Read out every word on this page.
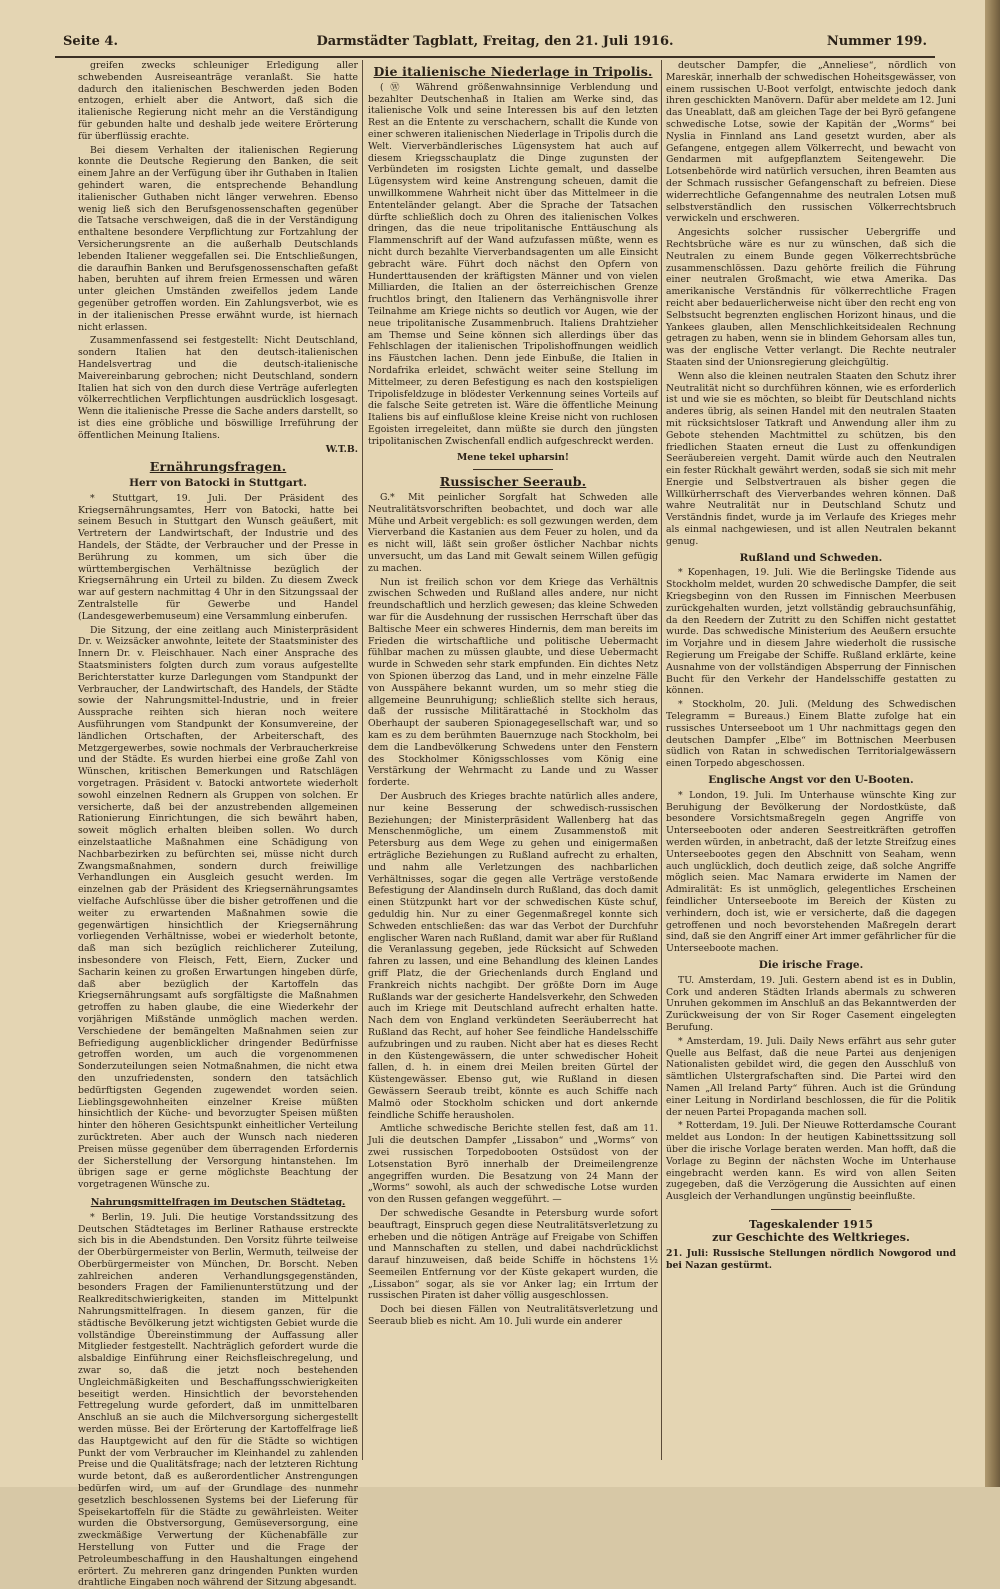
Seite 4.	Darmstädter Tagblatt, Freitag, den 21. Juli 1916.	Nummer 199.

greifen zwecks schleuniger Erledigung aller schwebenden Ausreiseanträge veranlaßt. Sie hatte dadurch den italienischen Beschwerden jeden Boden entzogen, erhielt aber die Antwort, daß sich die italienische Regierung nicht mehr an die Verständigung für gebunden halte und deshalb jede weitere Erörterung für überflüssig erachte.

Bei diesem Verhalten der italienischen Regierung konnte die Deutsche Regierung den Banken, die seit einem Jahre an der Verfügung über ihr Guthaben in Italien gehindert waren, die entsprechende Behandlung italienischer Guthaben nicht länger verwehren. Ebenso wenig ließ sich den Berufsgenossenschaften gegenüber die Tatsache verschweigen, daß die in der Verständigung enthaltene besondere Verpflichtung zur Fortzahlung der Versicherungsrente an die außerhalb Deutschlands lebenden Italiener weggefallen sei. Die Entschließungen, die daraufhin Banken und Berufsgenossenschaften gefaßt haben, beruhten auf ihrem freien Ermessen und wären unter gleichen Umständen zweifellos jedem Lande gegenüber getroffen worden. Ein Zahlungsverbot, wie es in der italienischen Presse erwähnt wurde, ist hiernach nicht erlassen.

Zusammenfassend sei festgestellt: Nicht Deutschland, sondern Italien hat den deutsch-italienischen Handelsvertrag und die deutsch-italienische Maivereinbarung gebrochen; nicht Deutschland, sondern Italien hat sich von den durch diese Verträge auferlegten völkerrechtlichen Verpflichtungen ausdrücklich losgesagt. Wenn die italienische Presse die Sache anders darstellt, so ist dies eine gröbliche und böswillige Irreführung der öffentlichen Meinung Italiens.

W.T.B.
Ernährungsfragen.
Herr von Batocki in Stuttgart.

* Stuttgart, 19. Juli. Der Präsident des Kriegsernährungsamtes, Herr von Batocki, hatte bei seinem Besuch in Stuttgart den Wunsch geäußert, mit Vertretern der Landwirtschaft, der Industrie und des Handels, der Städte, der Verbraucher und der Presse in Berührung zu kommen, um sich über die württembergischen Verhältnisse bezüglich der Kriegsernährung ein Urteil zu bilden. Zu diesem Zweck war auf gestern nachmittag 4 Uhr in den Sitzungssaal der Zentralstelle für Gewerbe und Handel (Landesgewerbemuseum) eine Versammlung einberufen.

Die Sitzung, der eine zeitlang auch Ministerpräsident Dr. v. Weizsäcker anwohnte, leitete der Staatsminister des Innern Dr. v. Fleischhauer. Nach einer Ansprache des Staatsministers folgten durch zum voraus aufgestellte Berichterstatter kurze Darlegungen vom Standpunkt der Verbraucher, der Landwirtschaft, des Handels, der Städte sowie der Nahrungsmittel-Industrie, und in freier Aussprache reihten sich hieran noch weitere Ausführungen vom Standpunkt der Konsumvereine, der ländlichen Ortschaften, der Arbeiterschaft, des Metzgergewerbes, sowie nochmals der Verbraucherkreise und der Städte. Es wurden hierbei eine große Zahl von Wünschen, kritischen Bemerkungen und Ratschlägen vorgetragen. Präsident v. Batocki antwortete wiederholt sowohl einzelnen Rednern als Gruppen von solchen. Er versicherte, daß bei der anzustrebenden allgemeinen Rationierung Einrichtungen, die sich bewährt haben, soweit möglich erhalten bleiben sollen. Wo durch einzelstaatliche Maßnahmen eine Schädigung von Nachbarbezirken zu befürchten sei, müsse nicht durch Zwangsmaßnahmen, sondern durch freiwillige Verhandlungen ein Ausgleich gesucht werden. Im einzelnen gab der Präsident des Kriegsernährungsamtes vielfache Aufschlüsse über die bisher getroffenen und die weiter zu erwartenden Maßnahmen sowie die gegenwärtigen hinsichtlich der Kriegsernährung vorliegenden Verhältnisse, wobei er wiederholt betonte, daß man sich bezüglich reichlicherer Zuteilung, insbesondere von Fleisch, Fett, Eiern, Zucker und Sacharin keinen zu großen Erwartungen hingeben dürfe, daß aber bezüglich der Kartoffeln das Kriegsernährungsamt aufs sorgfältigste die Maßnahmen getroffen zu haben glaube, die eine Wiederkehr der vorjährigen Mißstände unmöglich machen werden. Verschiedene der bemängelten Maßnahmen seien zur Befriedigung augenblicklicher dringender Bedürfnisse getroffen worden, um auch die vorgenommenen Sonderzuteilungen seien Notmaßnahmen, die nicht etwa den unzufriedensten, sondern den tatsächlich bedürftigsten Gegenden zugewendet worden seien. Lieblingsgewohnheiten einzelner Kreise müßten hinsichtlich der Küche- und bevorzugter Speisen müßten hinter den höheren Gesichtspunkt einheitlicher Verteilung zurücktreten. Aber auch der Wunsch nach niederen Preisen müsse gegenüber dem überragenden Erfordernis der Sicherstellung der Versorgung hintanstehen. Im übrigen sage er gerne möglichste Beachtung der vorgetragenen Wünsche zu.

Nahrungsmittelfragen im Deutschen Städtetag.

* Berlin, 19. Juli. Die heutige Vorstandssitzung des Deutschen Städtetages im Berliner Rathause erstreckte sich bis in die Abendstunden. Den Vorsitz führte teilweise der Oberbürgermeister von Berlin, Wermuth, teilweise der Oberbürgermeister von München, Dr. Borscht. Neben zahlreichen anderen Verhandlungsgegenständen, besonders Fragen der Familienunterstützung und der Realkreditschwierigkeiten, standen im Mittelpunkt Nahrungsmittelfragen. In diesem ganzen, für die städtische Bevölkerung jetzt wichtigsten Gebiet wurde die vollständige Übereinstimmung der Auffassung aller Mitglieder festgestellt. Nachträglich gefordert wurde die alsbaldige Einführung einer Reichsfleischregelung, und zwar so, daß die jetzt noch bestehenden Ungleichmäßigkeiten und Beschaffungsschwierigkeiten beseitigt werden. Hinsichtlich der bevorstehenden Fettregelung wurde gefordert, daß im unmittelbaren Anschluß an sie auch die Milchversorgung sichergestellt werden müsse. Bei der Erörterung der Kartoffelfrage ließ das Hauptgewicht auf den für die Städte so wichtigen Punkt der vom Verbraucher im Kleinhandel zu zahlenden Preise und die Qualitätsfrage; nach der letzteren Richtung wurde betont, daß es außerordentlicher Anstrengungen bedürfen wird, um auf der Grundlage des nunmehr gesetzlich beschlossenen Systems bei der Lieferung für Speisekartoffeln für die Städte zu gewährleisten. Weiter wurden die Obstversorgung, Gemüseversorgung, eine zweckmäßige Verwertung der Küchenabfälle zur Herstellung von Futter und die Frage der Petroleumbeschaffung in den Haushaltungen eingehend erörtert. Zu mehreren ganz dringenden Punkten wurden drahtliche Eingaben noch während der Sitzung abgesandt.

Die italienische Niederlage in Tripolis.

(Ⓦ Während größenwahnsinnige Verblendung und bezahlter Deutschenhaß in Italien am Werke sind, das italienische Volk und seine Interessen bis auf den letzten Rest an die Entente zu verschachern, schallt die Kunde von einer schweren italienischen Niederlage in Tripolis durch die Welt. Vierverbändlerisches Lügensystem hat auch auf diesem Kriegsschauplatz die Dinge zugunsten der Verbündeten im rosigsten Lichte gemalt, und dasselbe Lügensystem wird keine Anstrengung scheuen, damit die unwillkommene Wahrheit nicht über das Mittelmeer in die Ententeländer gelangt. Aber die Sprache der Tatsachen dürfte schließlich doch zu Ohren des italienischen Volkes dringen, das die neue tripolitanische Enttäuschung als Flammenschrift auf der Wand aufzufassen müßte, wenn es nicht durch bezahlte Vierverbandsagenten um alle Einsicht gebracht wäre. Führt doch nächst den Opfern von Hunderttausenden der kräftigsten Männer und von vielen Milliarden, die Italien an der österreichischen Grenze fruchtlos bringt, den Italienern das Verhängnisvolle ihrer Teilnahme am Kriege nichts so deutlich vor Augen, wie der neue tripolitanische Zusammenbruch. Italiens Drahtzieher am Themse und Seine können sich allerdings über das Fehlschlagen der italienischen Tripolishoffnungen weidlich ins Fäustchen lachen. Denn jede Einbuße, die Italien in Nordafrika erleidet, schwächt weiter seine Stellung im Mittelmeer, zu deren Befestigung es nach den kostspieligen Tripolisfeldzuge in blödester Verkennung seines Vorteils auf die falsche Seite getreten ist. Wäre die öffentliche Meinung Italiens bis auf einflußlose kleine Kreise nicht von ruchlosen Egoisten irregeleitet, dann müßte sie durch den jüngsten tripolitanischen Zwischenfall endlich aufgeschreckt werden.

Mene tekel upharsin!
Russischer Seeraub.

G.* Mit peinlicher Sorgfalt hat Schweden alle Neutralitätsvorschriften beobachtet, und doch war alle Mühe und Arbeit vergeblich: es soll gezwungen werden, dem Vierverband die Kastanien aus dem Feuer zu holen, und da es nicht will, läßt sein großer östlicher Nachbar nichts unversucht, um das Land mit Gewalt seinem Willen gefügig zu machen.

Nun ist freilich schon vor dem Kriege das Verhältnis zwischen Schweden und Rußland alles andere, nur nicht freundschaftlich und herzlich gewesen; das kleine Schweden war für die Ausdehnung der russischen Herrschaft über das Baltische Meer ein schweres Hindernis, dem man bereits im Frieden die wirtschaftliche und politische Uebermacht fühlbar machen zu müssen glaubte, und diese Uebermacht wurde in Schweden sehr stark empfunden. Ein dichtes Netz von Spionen überzog das Land, und in mehr einzelne Fälle von Ausspähere bekannt wurden, um so mehr stieg die allgemeine Beunruhigung; schließlich stellte sich heraus, daß der russische Militärattaché in Stockholm das Oberhaupt der sauberen Spionagegesellschaft war, und so kam es zu dem berühmten Bauernzuge nach Stockholm, bei dem die Landbevölkerung Schwedens unter den Fenstern des Stockholmer Königsschlosses vom König eine Verstärkung der Wehrmacht zu Lande und zu Wasser forderte.

Der Ausbruch des Krieges brachte natürlich alles andere, nur keine Besserung der schwedisch-russischen Beziehungen; der Ministerpräsident Wallenberg hat das Menschenmögliche, um einem Zusammenstoß mit Petersburg aus dem Wege zu gehen und einigermaßen erträgliche Beziehungen zu Rußland aufrecht zu erhalten, und nahm alle Verletzungen des nachbarlichen Verhältnisses, sogar die gegen alle Verträge verstoßende Befestigung der Alandinseln durch Rußland, das doch damit einen Stützpunkt hart vor der schwedischen Küste schuf, geduldig hin. Nur zu einer Gegenmaßregel konnte sich Schweden entschließen: das war das Verbot der Durchfuhr englischer Waren nach Rußland, damit war aber für Rußland die Veranlassung gegeben, jede Rücksicht auf Schweden fahren zu lassen, und eine Behandlung des kleinen Landes griff Platz, die der Griechenlands durch England und Frankreich nichts nachgibt. Der größte Dorn im Auge Rußlands war der gesicherte Handelsverkehr, den Schweden auch im Kriege mit Deutschland aufrecht erhalten hatte. Nach dem von England verkündeten Seeräuberrecht hat Rußland das Recht, auf hoher See feindliche Handelsschiffe aufzubringen und zu rauben. Nicht aber hat es dieses Recht in den Küstengewässern, die unter schwedischer Hoheit fallen, d. h. in einem drei Meilen breiten Gürtel der Küstengewässer. Ebenso gut, wie Rußland in diesen Gewässern Seeraub treibt, könnte es auch Schiffe nach Malmö oder Stockholm schicken und dort ankernde feindliche Schiffe herausholen.

Amtliche schwedische Berichte stellen fest, daß am 11. Juli die deutschen Dampfer „Lissabon“ und „Worms“ von zwei russischen Torpedobooten Ostsüdost von der Lotsenstation Byrö innerhalb der Dreimeilengrenze angegriffen wurden. Die Besatzung von 24 Mann der „Worms“ sowohl, als auch der schwedische Lotse wurden von den Russen gefangen weggeführt. —

Der schwedische Gesandte in Petersburg wurde sofort beauftragt, Einspruch gegen diese Neutralitätsverletzung zu erheben und die nötigen Anträge auf Freigabe von Schiffen und Mannschaften zu stellen, und dabei nachdrücklichst darauf hinzuweisen, daß beide Schiffe in höchstens 1½ Seemeilen Entfernung vor der Küste gekapert wurden, die „Lissabon“ sogar, als sie vor Anker lag; ein Irrtum der russischen Piraten ist daher völlig ausgeschlossen.

Doch bei diesen Fällen von Neutralitätsverletzung und Seeraub blieb es nicht. Am 10. Juli wurde ein anderer

deutscher Dampfer, die „Anneliese“, nördlich von Mareskär, innerhalb der schwedischen Hoheitsgewässer, von einem russischen U-Boot verfolgt, entwischte jedoch dank ihren geschickten Manövern. Dafür aber meldete am 12. Juni das Uneablatt, daß am gleichen Tage der bei Byrö gefangene schwedische Lotse, sowie der Kapitän der „Worms“ bei Nyslia in Finnland ans Land gesetzt wurden, aber als Gefangene, entgegen allem Völkerrecht, und bewacht von Gendarmen mit aufgepflanztem Seitengewehr. Die Lotsenbehörde wird natürlich versuchen, ihren Beamten aus der Schmach russischer Gefangenschaft zu befreien. Diese widerrechtliche Gefangennahme des neutralen Lotsen muß selbstverständlich den russischen Völkerrechtsbruch verwickeln und erschweren.

Angesichts solcher russischer Uebergriffe und Rechtsbrüche wäre es nur zu wünschen, daß sich die Neutralen zu einem Bunde gegen Völkerrechtsbrüche zusammenschlössen. Dazu gehörte freilich die Führung einer neutralen Großmacht, wie etwa Amerika. Das amerikanische Verständnis für völkerrechtliche Fragen reicht aber bedauerlicherweise nicht über den recht eng von Selbstsucht begrenzten englischen Horizont hinaus, und die Yankees glauben, allen Menschlichkeitsidealen Rechnung getragen zu haben, wenn sie in blindem Gehorsam alles tun, was der englische Vetter verlangt. Die Rechte neutraler Staaten sind der Unionsregierung gleichgültig.

Wenn also die kleinen neutralen Staaten den Schutz ihrer Neutralität nicht so durchführen können, wie es erforderlich ist und wie sie es möchten, so bleibt für Deutschland nichts anderes übrig, als seinen Handel mit den neutralen Staaten mit rücksichtsloser Tatkraft und Anwendung aller ihm zu Gebote stehenden Machtmittel zu schützen, bis den friedlichen Staaten erneut die Lust zu offenkundigen Seeräubereien vergeht. Damit würde auch den Neutralen ein fester Rückhalt gewährt werden, sodaß sie sich mit mehr Energie und Selbstvertrauen als bisher gegen die Willkürherrschaft des Vierverbandes wehren können. Daß wahre Neutralität nur in Deutschland Schutz und Verständnis findet, wurde ja im Verlaufe des Krieges mehr als einmal nachgewiesen, und ist allen Neutralen bekannt genug.

Rußland und Schweden.

* Kopenhagen, 19. Juli. Wie die Berlingske Tidende aus Stockholm meldet, wurden 20 schwedische Dampfer, die seit Kriegsbeginn von den Russen im Finnischen Meerbusen zurückgehalten wurden, jetzt vollständig gebrauchsunfähig, da den Reedern der Zutritt zu den Schiffen nicht gestattet wurde. Das schwedische Ministerium des Aeußern ersuchte im Vorjahre und in diesem Jahre wiederholt die russische Regierung um Freigabe der Schiffe. Rußland erklärte, keine Ausnahme von der vollständigen Absperrung der Finnischen Bucht für den Verkehr der Handelsschiffe gestatten zu können.

* Stockholm, 20. Juli. (Meldung des Schwedischen Telegramm = Bureaus.) Einem Blatte zufolge hat ein russisches Unterseeboot um 1 Uhr nachmittags gegen den deutschen Dampfer „Elbe“ im Bottnischen Meerbusen südlich von Ratan in schwedischen Territorialgewässern einen Torpedo abgeschossen.

Englische Angst vor den U-Booten.

* London, 19. Juli. Im Unterhause wünschte King zur Beruhigung der Bevölkerung der Nordostküste, daß besondere Vorsichtsmaßregeln gegen Angriffe von Unterseebooten oder anderen Seestreitkräften getroffen werden würden, in anbetracht, daß der letzte Streifzug eines Unterseebootes gegen den Abschnitt von Seaham, wenn auch unglücklich, doch deutlich zeige, daß solche Angriffe möglich seien. Mac Namara erwiderte im Namen der Admiralität: Es ist unmöglich, gelegentliches Erscheinen feindlicher Unterseeboote im Bereich der Küsten zu verhindern, doch ist, wie er versicherte, daß die dagegen getroffenen und noch bevorstehenden Maßregeln derart sind, daß sie den Angriff einer Art immer gefährlicher für die Unterseeboote machen.

Die irische Frage.

TU. Amsterdam, 19. Juli. Gestern abend ist es in Dublin, Cork und anderen Städten Irlands abermals zu schweren Unruhen gekommen im Anschluß an das Bekanntwerden der Zurückweisung der von Sir Roger Casement eingelegten Berufung.

* Amsterdam, 19. Juli. Daily News erfährt aus sehr guter Quelle aus Belfast, daß die neue Partei aus denjenigen Nationalisten gebildet wird, die gegen den Ausschluß von sämtlichen Ulstergrafschaften sind. Die Partei wird den Namen „All Ireland Party“ führen. Auch ist die Gründung einer Leitung in Nordirland beschlossen, die für die Politik der neuen Partei Propaganda machen soll.

* Rotterdam, 19. Juli. Der Nieuwe Rotterdamsche Courant meldet aus London: In der heutigen Kabinettssitzung soll über die irische Vorlage beraten werden. Man hofft, daß die Vorlage zu Beginn der nächsten Woche im Unterhause eingebracht werden kann. Es wird von allen Seiten zugegeben, daß die Verzögerung die Aussichten auf einen Ausgleich der Verhandlungen ungünstig beeinflußte.

Tageskalender 1915
zur Geschichte des Weltkrieges.

21. Juli: Russische Stellungen nördlich Nowgorod und bei Nazan gestürmt.
